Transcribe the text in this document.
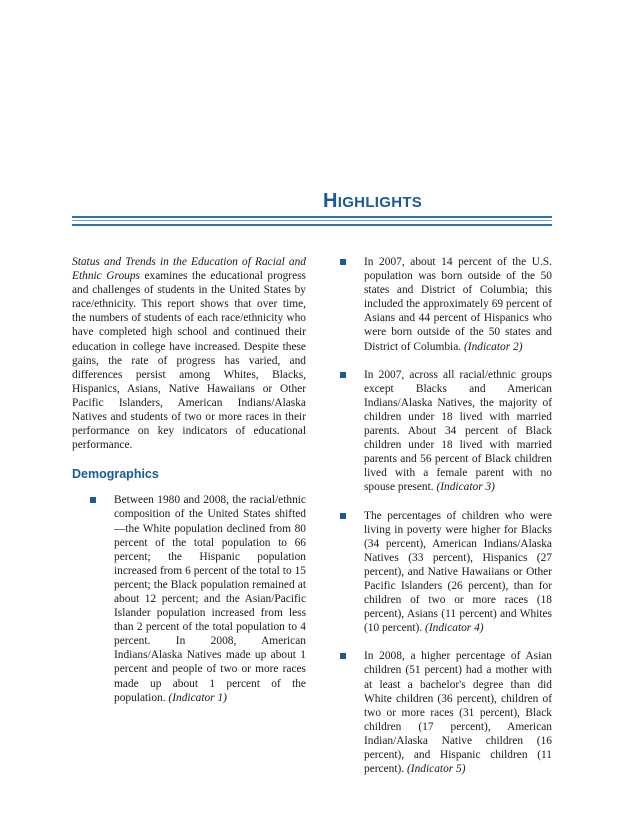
HIGHLIGHTS

Status and Trends in the Education of Racial and Ethnic Groups examines the educational progress and challenges of students in the United States by race/ethnicity. This report shows that over time, the numbers of students of each race/ethnicity who have completed high school and continued their education in college have increased. Despite these gains, the rate of progress has varied, and differences persist among Whites, Blacks, Hispanics, Asians, Native Hawaiians or Other Pacific Islanders, American Indians/Alaska Natives and students of two or more races in their performance on key indicators of educational performance.

Demographics
Between 1980 and 2008, the racial/ethnic composition of the United States shifted—the White population declined from 80 percent of the total population to 66 percent; the Hispanic population increased from 6 percent of the total to 15 percent; the Black population remained at about 12 percent; and the Asian/Pacific Islander population increased from less than 2 percent of the total population to 4 percent. In 2008, American Indians/Alaska Natives made up about 1 percent and people of two or more races made up about 1 percent of the population. (Indicator 1)
In 2007, about 14 percent of the U.S. population was born outside of the 50 states and District of Columbia; this included the approximately 69 percent of Asians and 44 percent of Hispanics who were born outside of the 50 states and District of Columbia. (Indicator 2)
In 2007, across all racial/ethnic groups except Blacks and American Indians/Alaska Natives, the majority of children under 18 lived with married parents. About 34 percent of Black children under 18 lived with married parents and 56 percent of Black children lived with a female parent with no spouse present. (Indicator 3)
The percentages of children who were living in poverty were higher for Blacks (34 percent), American Indians/Alaska Natives (33 percent), Hispanics (27 percent), and Native Hawaiians or Other Pacific Islanders (26 percent), than for children of two or more races (18 percent), Asians (11 percent) and Whites (10 percent). (Indicator 4)
In 2008, a higher percentage of Asian children (51 percent) had a mother with at least a bachelor's degree than did White children (36 percent), children of two or more races (31 percent), Black children (17 percent), American Indian/Alaska Native children (16 percent), and Hispanic children (11 percent). (Indicator 5)
